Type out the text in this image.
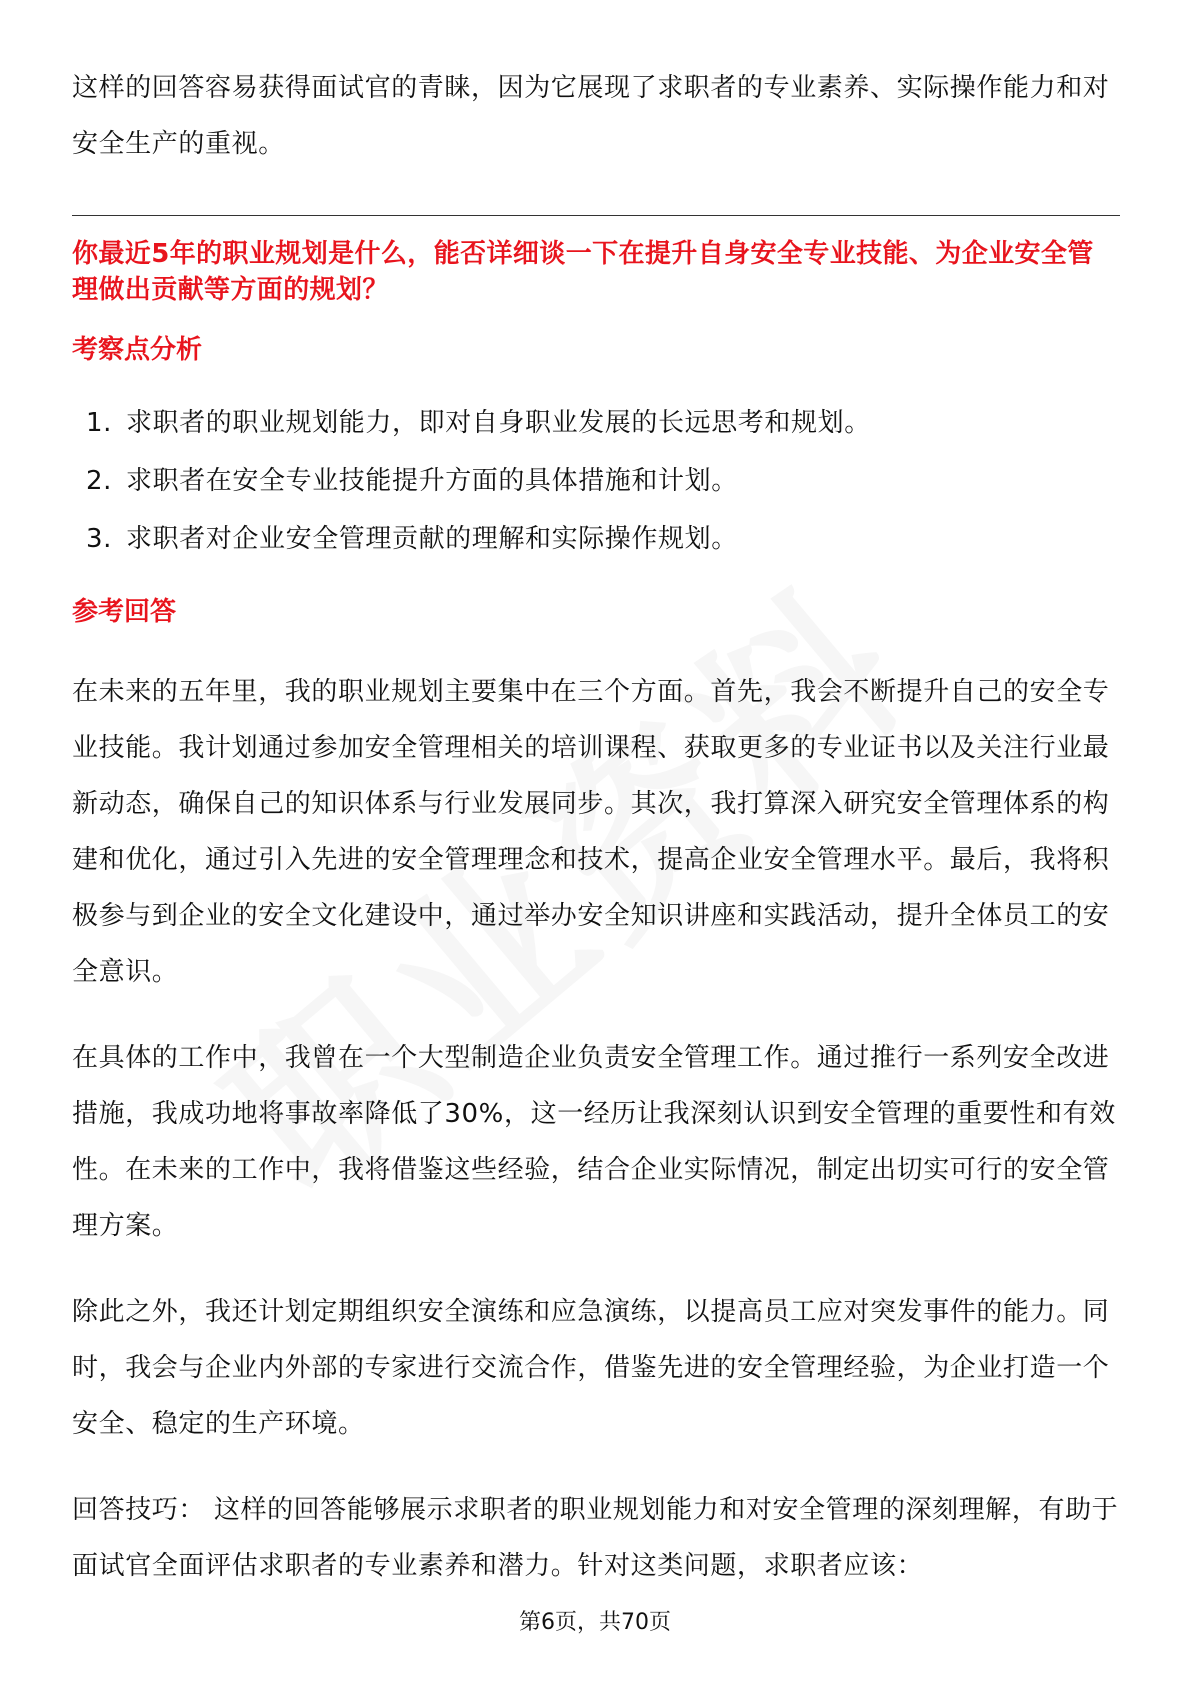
这样的回答容易获得面试官的青睐，因为它展现了求职者的专业素养、实际操作能力和对安全生产的重视。

你最近5年的职业规划是什么，能否详细谈一下在提升自身安全专业技能、为企业安全管理做出贡献等方面的规划？

考察点分析

1. 求职者的职业规划能力，即对自身职业发展的长远思考和规划。
2. 求职者在安全专业技能提升方面的具体措施和计划。
3. 求职者对企业安全管理贡献的理解和实际操作规划。

参考回答

在未来的五年里，我的职业规划主要集中在三个方面。首先，我会不断提升自己的安全专业技能。我计划通过参加安全管理相关的培训课程、获取更多的专业证书以及关注行业最新动态，确保自己的知识体系与行业发展同步。其次，我打算深入研究安全管理体系的构建和优化，通过引入先进的安全管理理念和技术，提高企业安全管理水平。最后，我将积极参与到企业的安全文化建设中，通过举办安全知识讲座和实践活动，提升全体员工的安全意识。

在具体的工作中，我曾在一个大型制造企业负责安全管理工作。通过推行一系列安全改进措施，我成功地将事故率降低了30%，这一经历让我深刻认识到安全管理的重要性和有效性。在未来的工作中，我将借鉴这些经验，结合企业实际情况，制定出切实可行的安全管理方案。

除此之外，我还计划定期组织安全演练和应急演练，以提高员工应对突发事件的能力。同时，我会与企业内外部的专家进行交流合作，借鉴先进的安全管理经验，为企业打造一个安全、稳定的生产环境。

回答技巧： 这样的回答能够展示求职者的职业规划能力和对安全管理的深刻理解，有助于面试官全面评估求职者的专业素养和潜力。针对这类问题，求职者应该：

第6页，共70页
